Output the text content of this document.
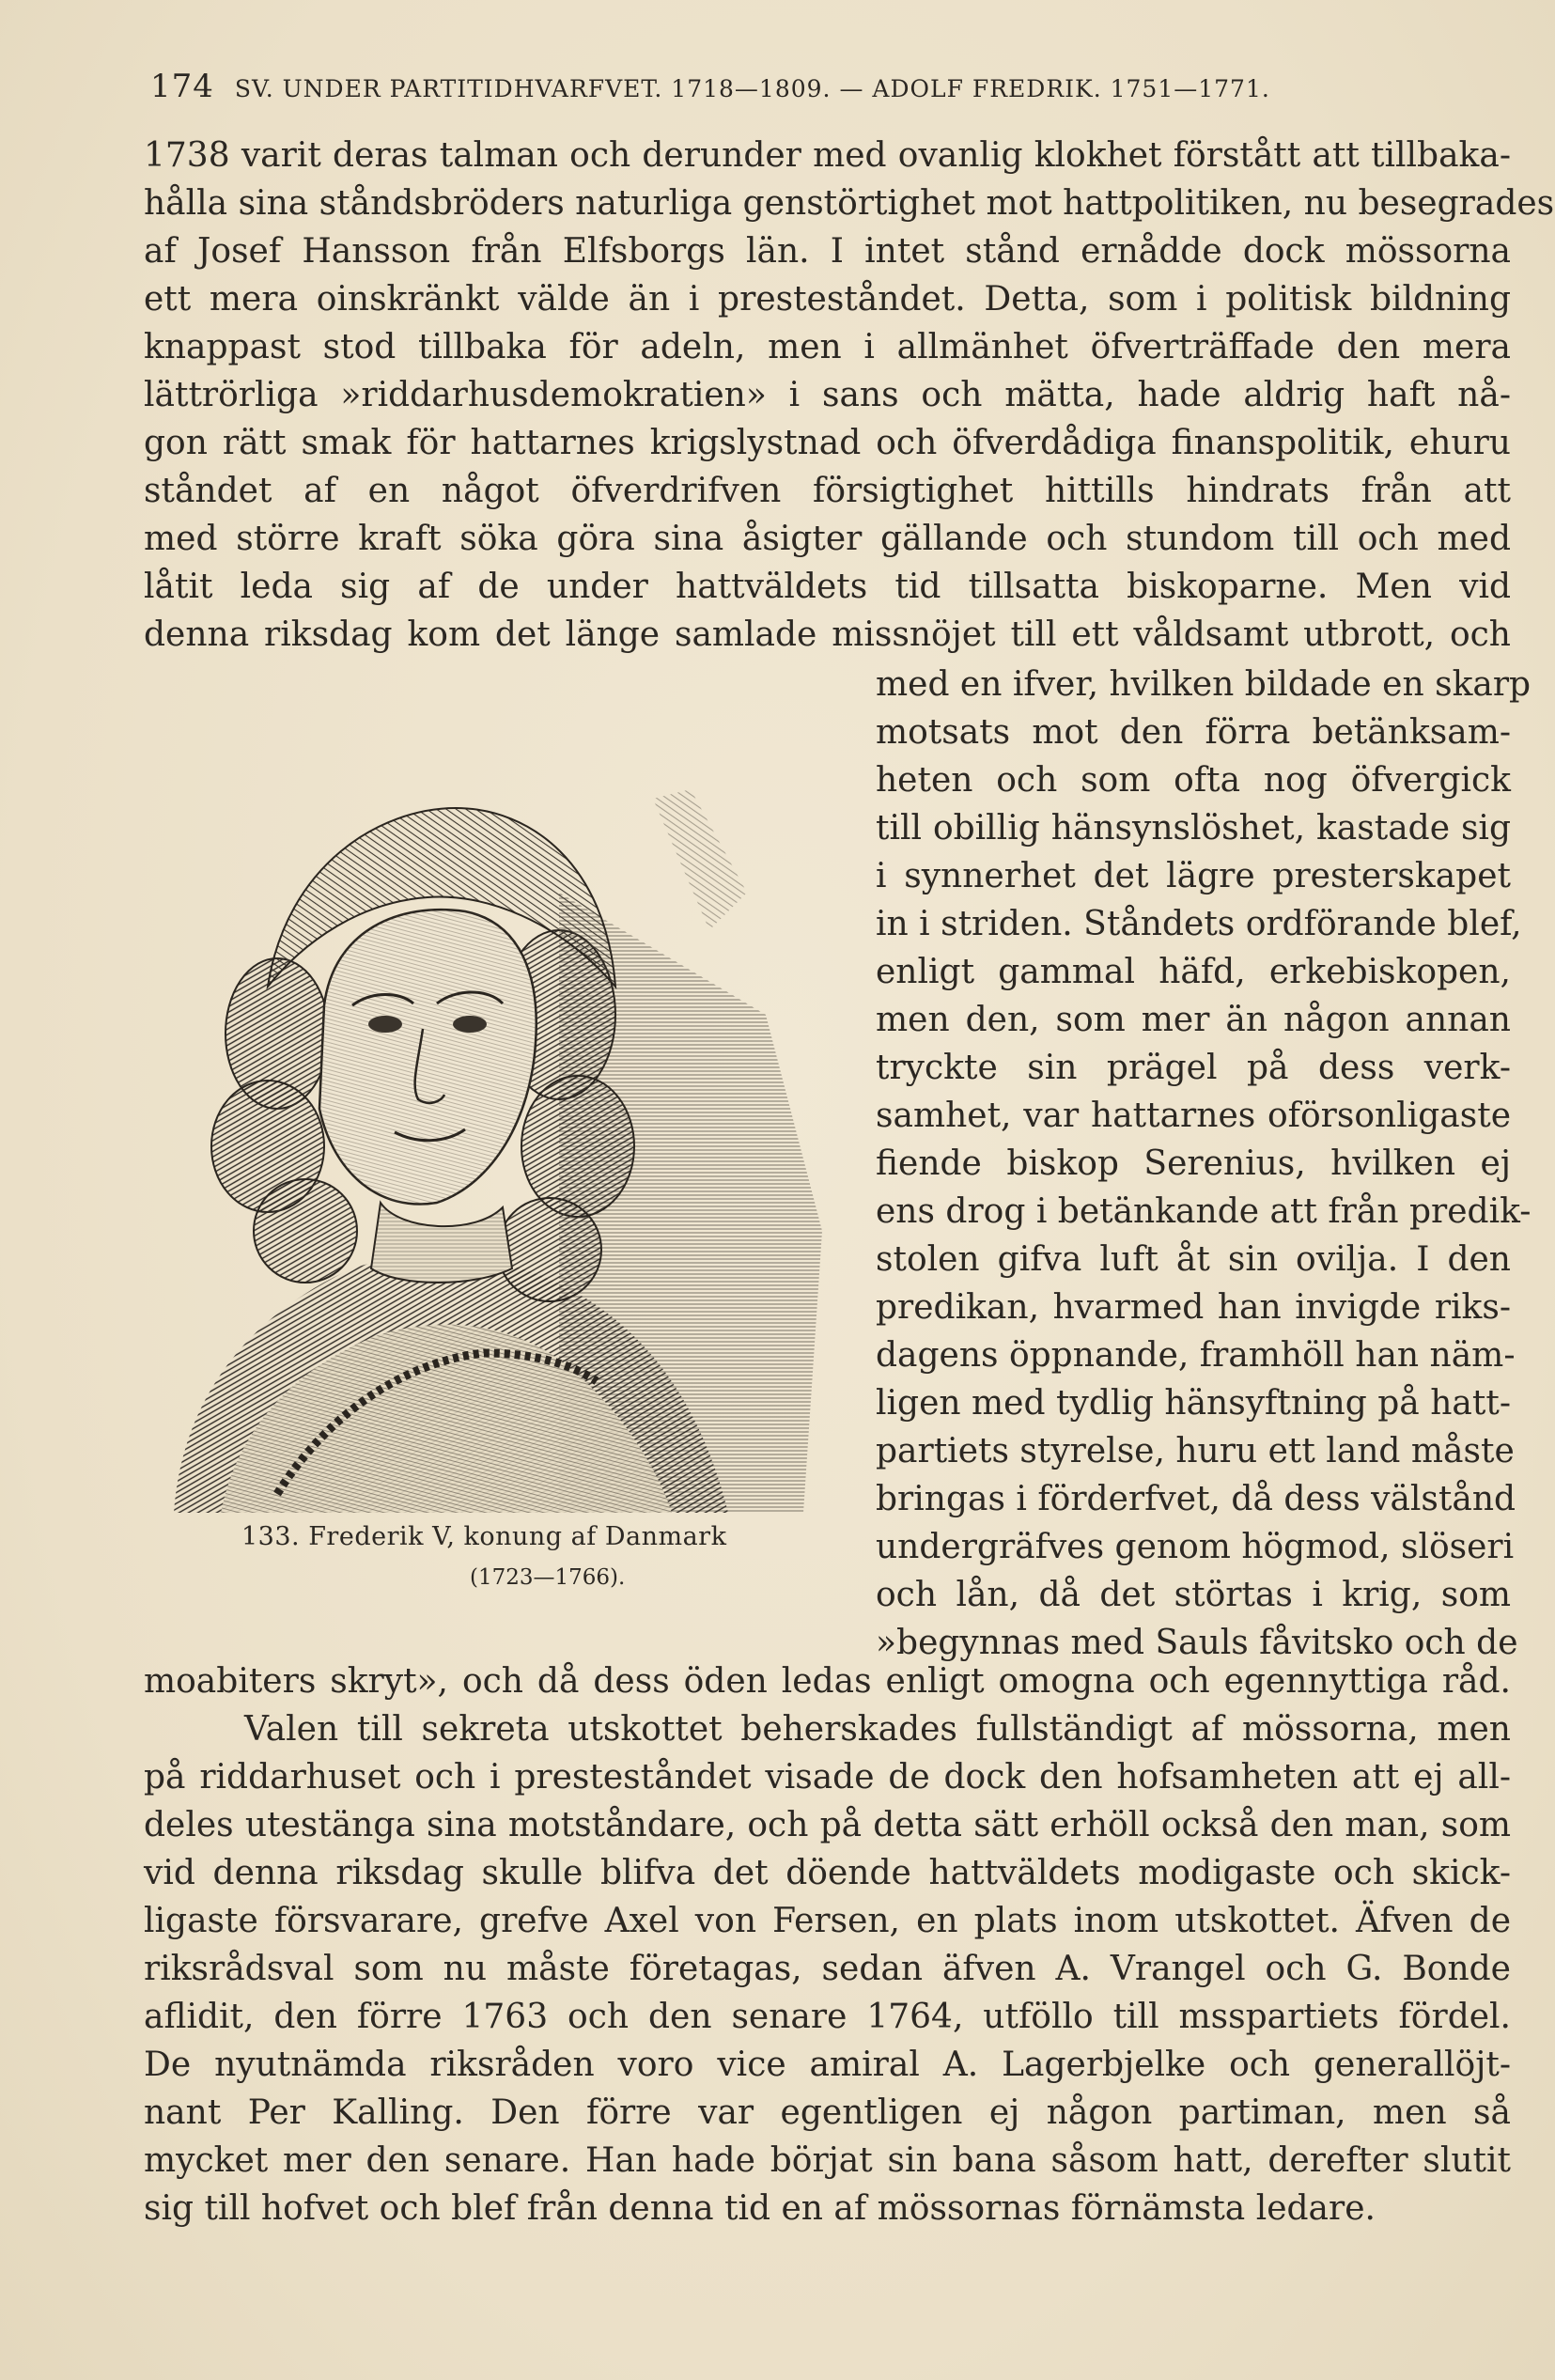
174 SV. UNDER PARTITIDHVARFVET. 1718—1809. — ADOLF FREDRIK. 1751—1771.
1738 varit deras talman och derunder med ovanlig klokhet förstått att tillbaka-
hålla sina ståndsbröders naturliga genstörtighet mot hattpolitiken, nu besegrades
af Josef Hansson från Elfsborgs län. I intet stånd ernådde dock mössorna
ett mera oinskränkt välde än i presteståndet. Detta, som i politisk bildning
knappast stod tillbaka för adeln, men i allmänhet öfverträffade den mera
lättrörliga »riddarhusdemokratien» i sans och mätta, hade aldrig haft nå-
gon rätt smak för hattarnes krigslystnad och öfverdådiga finanspolitik, ehuru
ståndet af en något öfverdrifven försigtighet hittills hindrats från att
med större kraft söka göra sina åsigter gällande och stundom till och med
låtit leda sig af de under hattväldets tid tillsatta biskoparne. Men vid
denna riksdag kom det länge samlade missnöjet till ett våldsamt utbrott, och
med en ifver, hvilken bildade en skarp
motsats mot den förra betänksam-
heten och som ofta nog öfvergick
till obillig hänsynslöshet, kastade sig
i synnerhet det lägre presterskapet
in i striden. Ståndets ordförande blef,
enligt gammal häfd, erkebiskopen,
men den, som mer än någon annan
tryckte sin prägel på dess verk-
samhet, var hattarnes oförsonligaste
fiende biskop Serenius, hvilken ej
ens drog i betänkande att från predik-
stolen gifva luft åt sin ovilja. I den
predikan, hvarmed han invigde riks-
dagens öppnande, framhöll han näm-
ligen med tydlig hänsyftning på hatt-
partiets styrelse, huru ett land måste
bringas i förderfvet, då dess välstånd
undergräfves genom högmod, slöseri
och lån, då det störtas i krig, som
»begynnas med Sauls fåvitsko och de
133. Frederik V, konung af Danmark
(1723—1766).
moabiters skryt», och då dess öden ledas enligt omogna och egennyttiga råd.
Valen till sekreta utskottet beherskades fullständigt af mössorna, men
på riddarhuset och i presteståndet visade de dock den hofsamheten att ej all-
deles utestänga sina motståndare, och på detta sätt erhöll också den man, som
vid denna riksdag skulle blifva det döende hattväldets modigaste och skick-
ligaste försvarare, grefve Axel von Fersen, en plats inom utskottet. Äfven de
riksrådsval som nu måste företagas, sedan äfven A. Vrangel och G. Bonde
aflidit, den förre 1763 och den senare 1764, utföllo till msspartiets fördel.
De nyutnämda riksråden voro vice amiral A. Lagerbjelke och generallöjt-
nant Per Kalling. Den förre var egentligen ej någon partiman, men så
mycket mer den senare. Han hade börjat sin bana såsom hatt, derefter slutit
sig till hofvet och blef från denna tid en af mössornas förnämsta ledare.
